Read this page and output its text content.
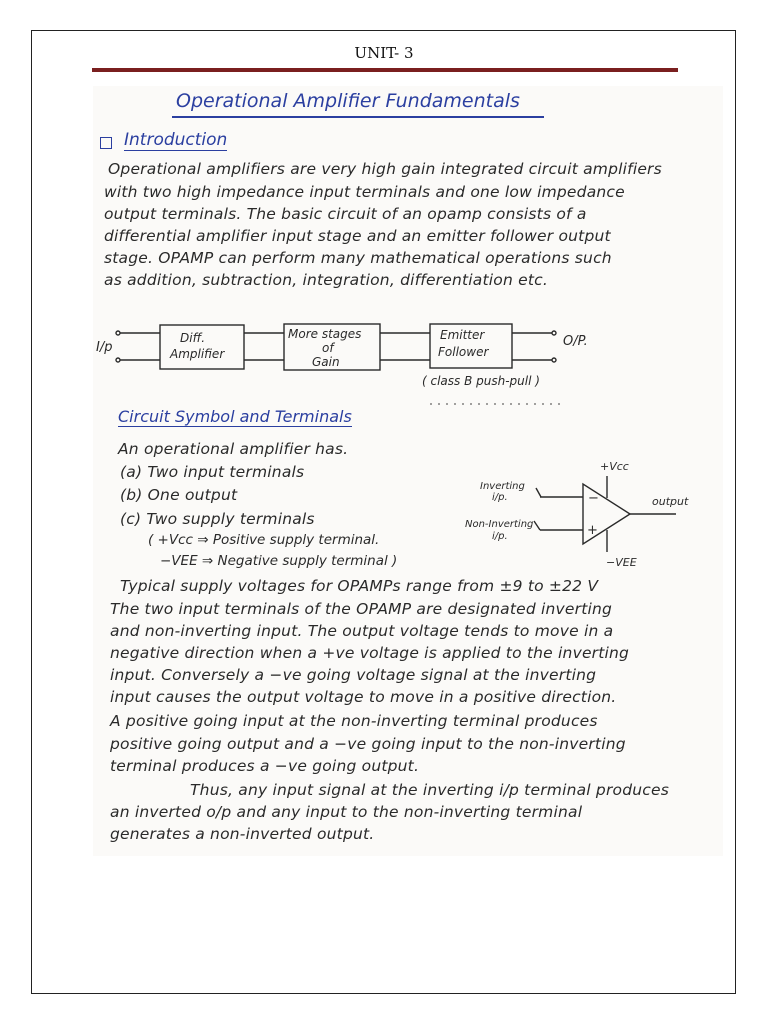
UNIT- 3
Operational Amplifier Fundamentals
Introduction
Operational amplifiers are very high gain integrated circuit amplifiers
with two high impedance input terminals and one low impedance
output terminals. The basic circuit of an opamp consists of a
differential amplifier input stage and an emitter follower output
stage. OPAMP can perform many mathematical operations such
as addition, subtraction, integration, differentiation etc.
I/p	O/P.
Diff.
Amplifier
More stages
of
Gain
Emitter
Follower
( class B push-pull )
+Vcc
−VEE
Inverting
i/p.
Non-Inverting
i/p.
output
−
+
Circuit Symbol and Terminals
An operational amplifier has.
(a) Two input terminals
(b) One output
(c) Two supply terminals
( +Vcc ⇒ Positive supply terminal.
−VEE ⇒ Negative supply terminal )
Typical supply voltages for OPAMPs range from ±9 to ±22 V
The two input terminals of the OPAMP are designated inverting
and non-inverting input. The output voltage tends to move in a
negative direction when a +ve voltage is applied to the inverting
input. Conversely a −ve going voltage signal at the inverting
input causes the output voltage to move in a positive direction.
A positive going input at the non-inverting terminal produces
positive going output and a −ve going input to the non-inverting
terminal produces a −ve going output.
Thus, any input signal at the inverting i/p terminal produces
an inverted o/p and any input to the non-inverting terminal
generates a non-inverted output.
